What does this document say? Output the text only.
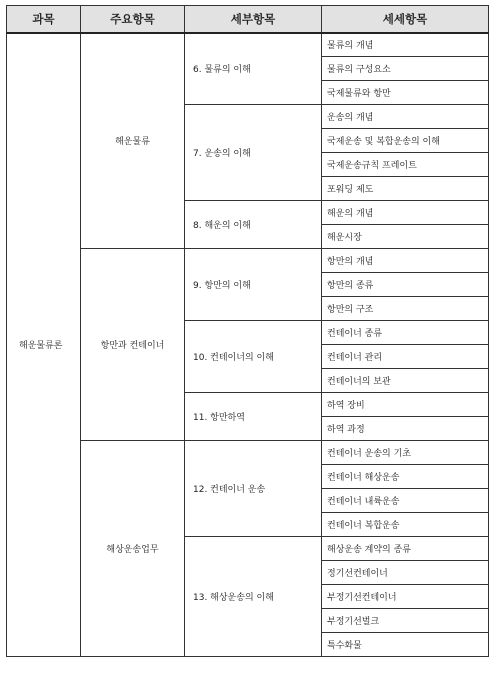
과목	주요항목	세부항목	세세항목
해운물류론	해운물류	6. 물류의 이해	물류의 개념
			물류의 구성요소
			국제물류와 항만
		7. 운송의 이해	운송의 개념
			국제운송 및 복합운송의 이해
			국제운송규칙 프레이트
			포워딩 제도
		8. 해운의 이해	해운의 개념
			해운시장
	항만과 컨테이너	9. 항만의 이해	항만의 개념
			항만의 종류
			항만의 구조
		10. 컨테이너의 이해	컨테이너 종류
			컨테이너 관리
			컨테이너의 보관
		11. 항만하역	하역 장비
			하역 과정
	해상운송업무	12. 컨테이너 운송	컨테이너 운송의 기초
			컨테이너 해상운송
			컨테이너 내륙운송
			컨테이너 복합운송
		13. 해상운송의 이해	해상운송 계약의 종류
			정기선컨테이너
			부정기선컨테이너
			부정기선벌크
			특수화물
